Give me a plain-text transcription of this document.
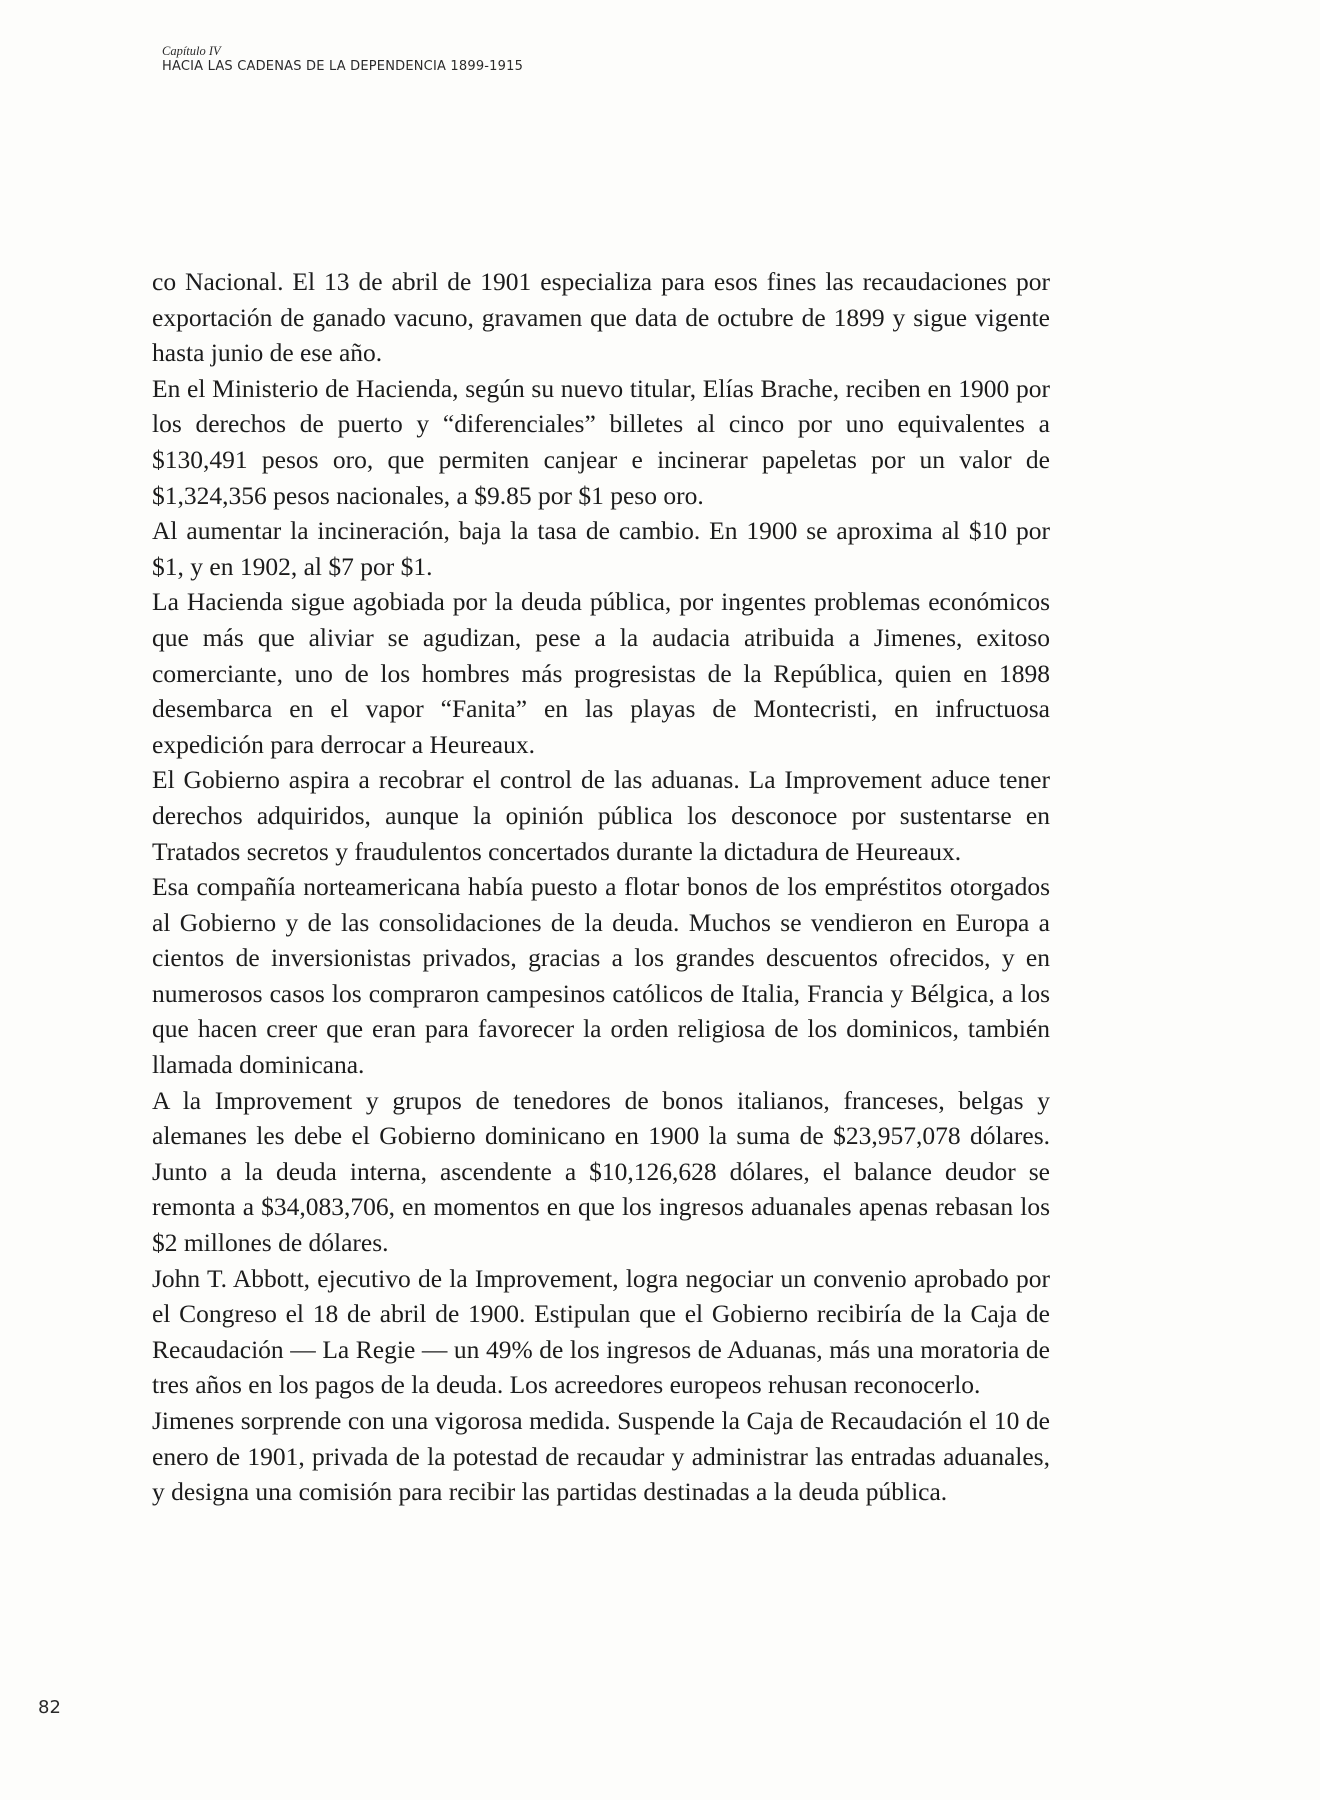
Capítulo IV
HACIA LAS CADENAS DE LA DEPENDENCIA 1899-1915

co Nacional. El 13 de abril de 1901 especializa para esos fines las recaudaciones por exportación de ganado vacuno, gravamen que data de octubre de 1899 y sigue vigente hasta junio de ese año.

En el Ministerio de Hacienda, según su nuevo titular, Elías Brache, reciben en 1900 por los derechos de puerto y “diferenciales” billetes al cinco por uno equivalentes a $130,491 pesos oro, que permiten canjear e incinerar papeletas por un valor de $1,324,356 pesos nacionales, a $9.85 por $1 peso oro.

Al aumentar la incineración, baja la tasa de cambio. En 1900 se aproxima al $10 por $1, y en 1902, al $7 por $1.

La Hacienda sigue agobiada por la deuda pública, por ingentes problemas económicos que más que aliviar se agudizan, pese a la audacia atribuida a Jimenes, exitoso comerciante, uno de los hombres más progresistas de la República, quien en 1898 desembarca en el vapor “Fanita” en las playas de Montecristi, en infructuosa expedición para derrocar a Heureaux.

El Gobierno aspira a recobrar el control de las aduanas. La Improvement aduce tener derechos adquiridos, aunque la opinión pública los desconoce por sustentarse en Tratados secretos y fraudulentos concertados durante la dictadura de Heureaux.

Esa compañía norteamericana había puesto a flotar bonos de los empréstitos otorgados al Gobierno y de las consolidaciones de la deuda. Muchos se vendieron en Europa a cientos de inversionistas privados, gracias a los grandes descuentos ofrecidos, y en numerosos casos los compraron campesinos católicos de Italia, Francia y Bélgica, a los que hacen creer que eran para favorecer la orden religiosa de los dominicos, también llamada dominicana.

A la Improvement y grupos de tenedores de bonos italianos, franceses, belgas y alemanes les debe el Gobierno dominicano en 1900 la suma de $23,957,078 dólares. Junto a la deuda interna, ascendente a $10,126,628 dólares, el balance deudor se remonta a $34,083,706, en momentos en que los ingresos aduanales apenas rebasan los $2 millones de dólares.

John T. Abbott, ejecutivo de la Improvement, logra negociar un convenio aprobado por el Congreso el 18 de abril de 1900. Estipulan que el Gobierno recibiría de la Caja de Recaudación — La Regie — un 49% de los ingresos de Aduanas, más una moratoria de tres años en los pagos de la deuda. Los acreedores europeos rehusan reconocerlo.

Jimenes sorprende con una vigorosa medida. Suspende la Caja de Recaudación el 10 de enero de 1901, privada de la potestad de recaudar y administrar las entradas aduanales, y designa una comisión para recibir las partidas destinadas a la deuda pública.

82
